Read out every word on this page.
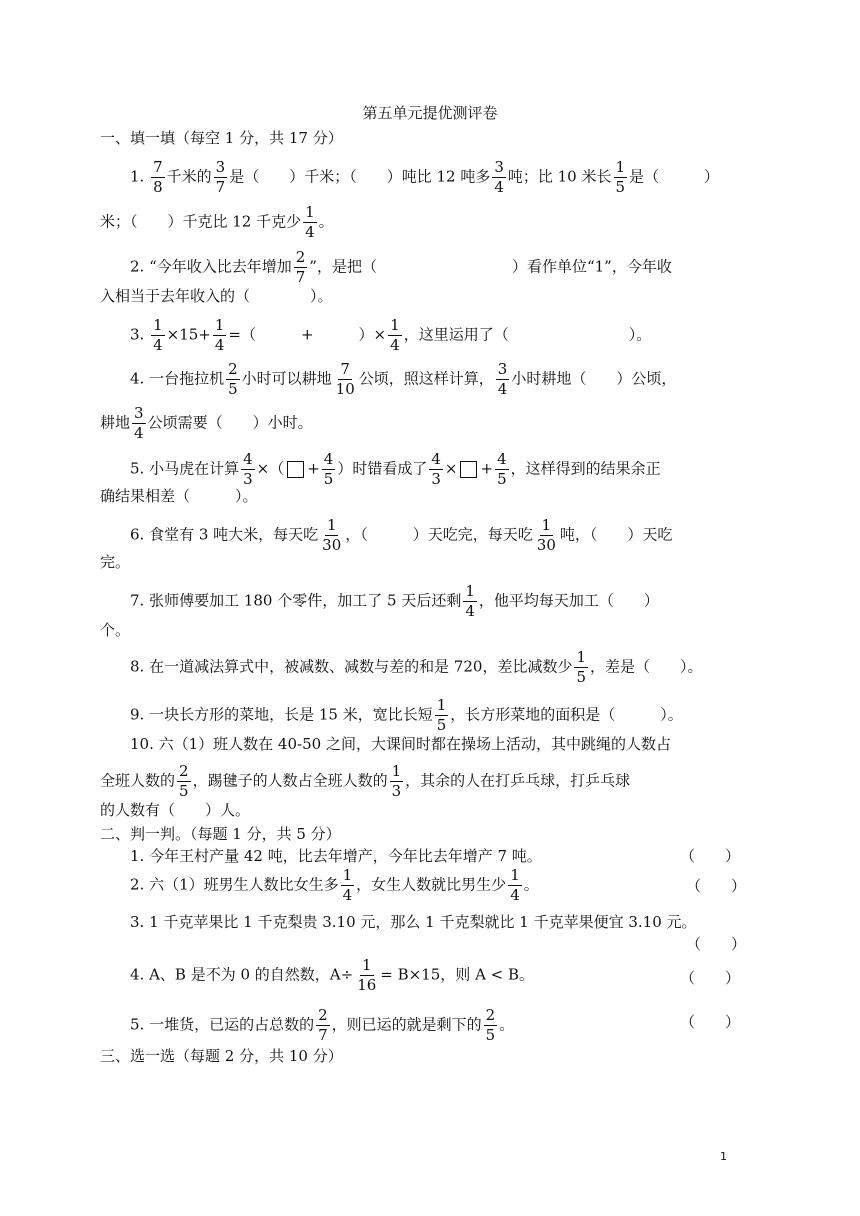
第五单元提优测评卷
一、填一填（每空 1 分，共 17 分）
1. $\frac{7}{8}$ 千米的 $\frac{3}{7}$ 是（　　）千米；（　　）吨比 12 吨多 $\frac{3}{4}$ 吨；比 10 米长 $\frac{1}{5}$ 是（　　　）
米；（　　）千克比 12 千克少 $\frac{1}{4}$ 。
2. “今年收入比去年增加 $\frac{2}{7}$ ”，是把（　　　　　　　　　）看作单位“1”，今年收
入相当于去年收入的（　　　　）。
3. $\frac{1}{4} \times 15+ \frac{1}{4}$ =（　　　+　　　）× $\frac{1}{4}$ ，这里运用了（　　　　　　　　）。
4. 一台拖拉机 $\frac{2}{5}$ 小时可以耕地 $\frac{7}{10}$ 公顷，照这样计算， $\frac{3}{4}$ 小时耕地（　　）公顷，
耕地 $\frac{3}{4}$ 公顷需要（　　）小时。
5. 小马虎在计算 $\frac{4}{3}$ ×（ + $\frac{4}{5}$ ）时错看成了 $\frac{4}{3}$ × + $\frac{4}{5}$ ，这样得到的结果余正
确结果相差（　　　）。
6. 食堂有 3 吨大米，每天吃 $\frac{1}{30}$ ，（　　　）天吃完，每天吃 $\frac{1}{30}$ 吨，（　　）天吃
完。
7. 张师傅要加工 180 个零件，加工了 5 天后还剩 $\frac{1}{4}$ ，他平均每天加工（　　）
个。
8. 在一道减法算式中，被减数、减数与差的和是 720，差比减数少 $\frac{1}{5}$ ，差是（　　）。
9. 一块长方形的菜地，长是 15 米，宽比长短 $\frac{1}{5}$ ，长方形菜地的面积是（　　　）。
10. 六（1）班人数在 40-50 之间，大课间时都在操场上活动，其中跳绳的人数占
全班人数的 $\frac{2}{5}$ ，踢毽子的人数占全班人数的 $\frac{1}{3}$ ，其余的人在打乒乓球，打乒乓球
的人数有（　　）人。
二、判一判。（每题 1 分，共 5 分）
1. 今年王村产量 42 吨，比去年增产，今年比去年增产 7 吨。	（　　）
2. 六（1）班男生人数比女生多 $\frac{1}{4}$ ，女生人数就比男生少 $\frac{1}{4}$ 。	（　　）
3. 1 千克苹果比 1 千克梨贵 3.10 元，那么 1 千克梨就比 1 千克苹果便宜 3.10 元。
（　　）
4. A、B 是不为 0 的自然数，$A\div \frac{1}{16} = B\times 15$，则 A < B。	（　　）
5. 一堆货，已运的占总数的 $\frac{2}{7}$ ，则已运的就是剩下的 $\frac{2}{5}$ 。	（　　）
三、选一选（每题 2 分，共 10 分）
1
